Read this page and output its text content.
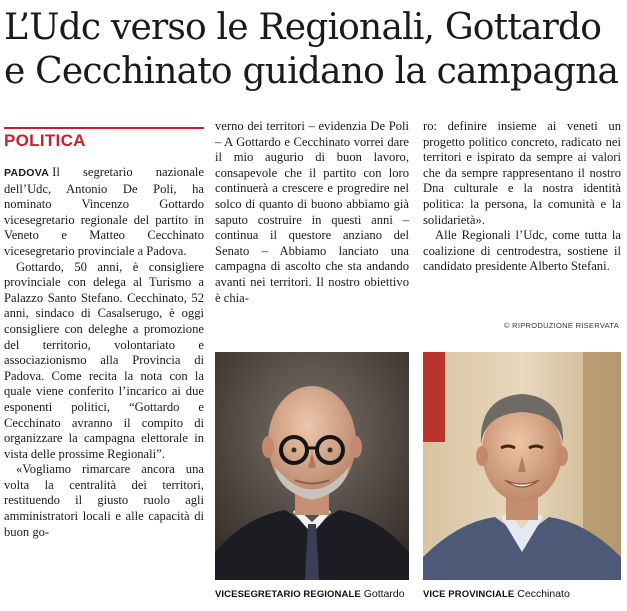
L’Udc verso le Regionali, Gottardo
e Cecchinato guidano la campagna
POLITICA

PADOVA Il segretario nazionale dell’Udc, Antonio De Poli, ha nominato Vincenzo Gottardo vicesegretario regionale del partito in Veneto e Matteo Cecchinato vicesegretario provinciale a Padova.

Gottardo, 50 anni, è consigliere provinciale con delega al Turismo a Palazzo Santo Stefano. Cecchinato, 52 anni, sindaco di Casalserugo, è oggi consigliere con deleghe a promozione del territorio, volontariato e associazionismo alla Provincia di Padova. Come recita la nota con la quale viene conferito l’incarico ai due esponenti politici, “Gottardo e Cecchinato avranno il compito di organizzare la campagna elettorale in vista delle prossime Regionali”.

«Vogliamo rimarcare ancora una volta la centralità dei territori, restituendo il giusto ruolo agli amministratori locali e alle capacità di buon go-

verno dei territori – evidenzia De Poli – A Gottardo e Cecchinato vorrei dare il mio augurio di buon lavoro, consapevole che il partito con loro continuerà a crescere e progredire nel solco di quanto di buono abbiamo già saputo costruire in questi anni – continua il questore anziano del Senato – Abbiamo lanciato una campagna di ascolto che sta andando avanti nei territori. Il nostro obiettivo è chia-

ro: definire insieme ai veneti un progetto politico concreto, radicato nei territori e ispirato da sempre ai valori che da sempre rappresentano il nostro Dna culturale e la nostra identità politica: la persona, la comunità e la solidarietà».

Alle Regionali l’Udc, come tutta la coalizione di centrodestra, sostiene il candidato presidente Alberto Stefani.

© RIPRODUZIONE RISERVATA
VICESEGRETARIO REGIONALE Gottardo VICE PROVINCIALE Cecchinato
